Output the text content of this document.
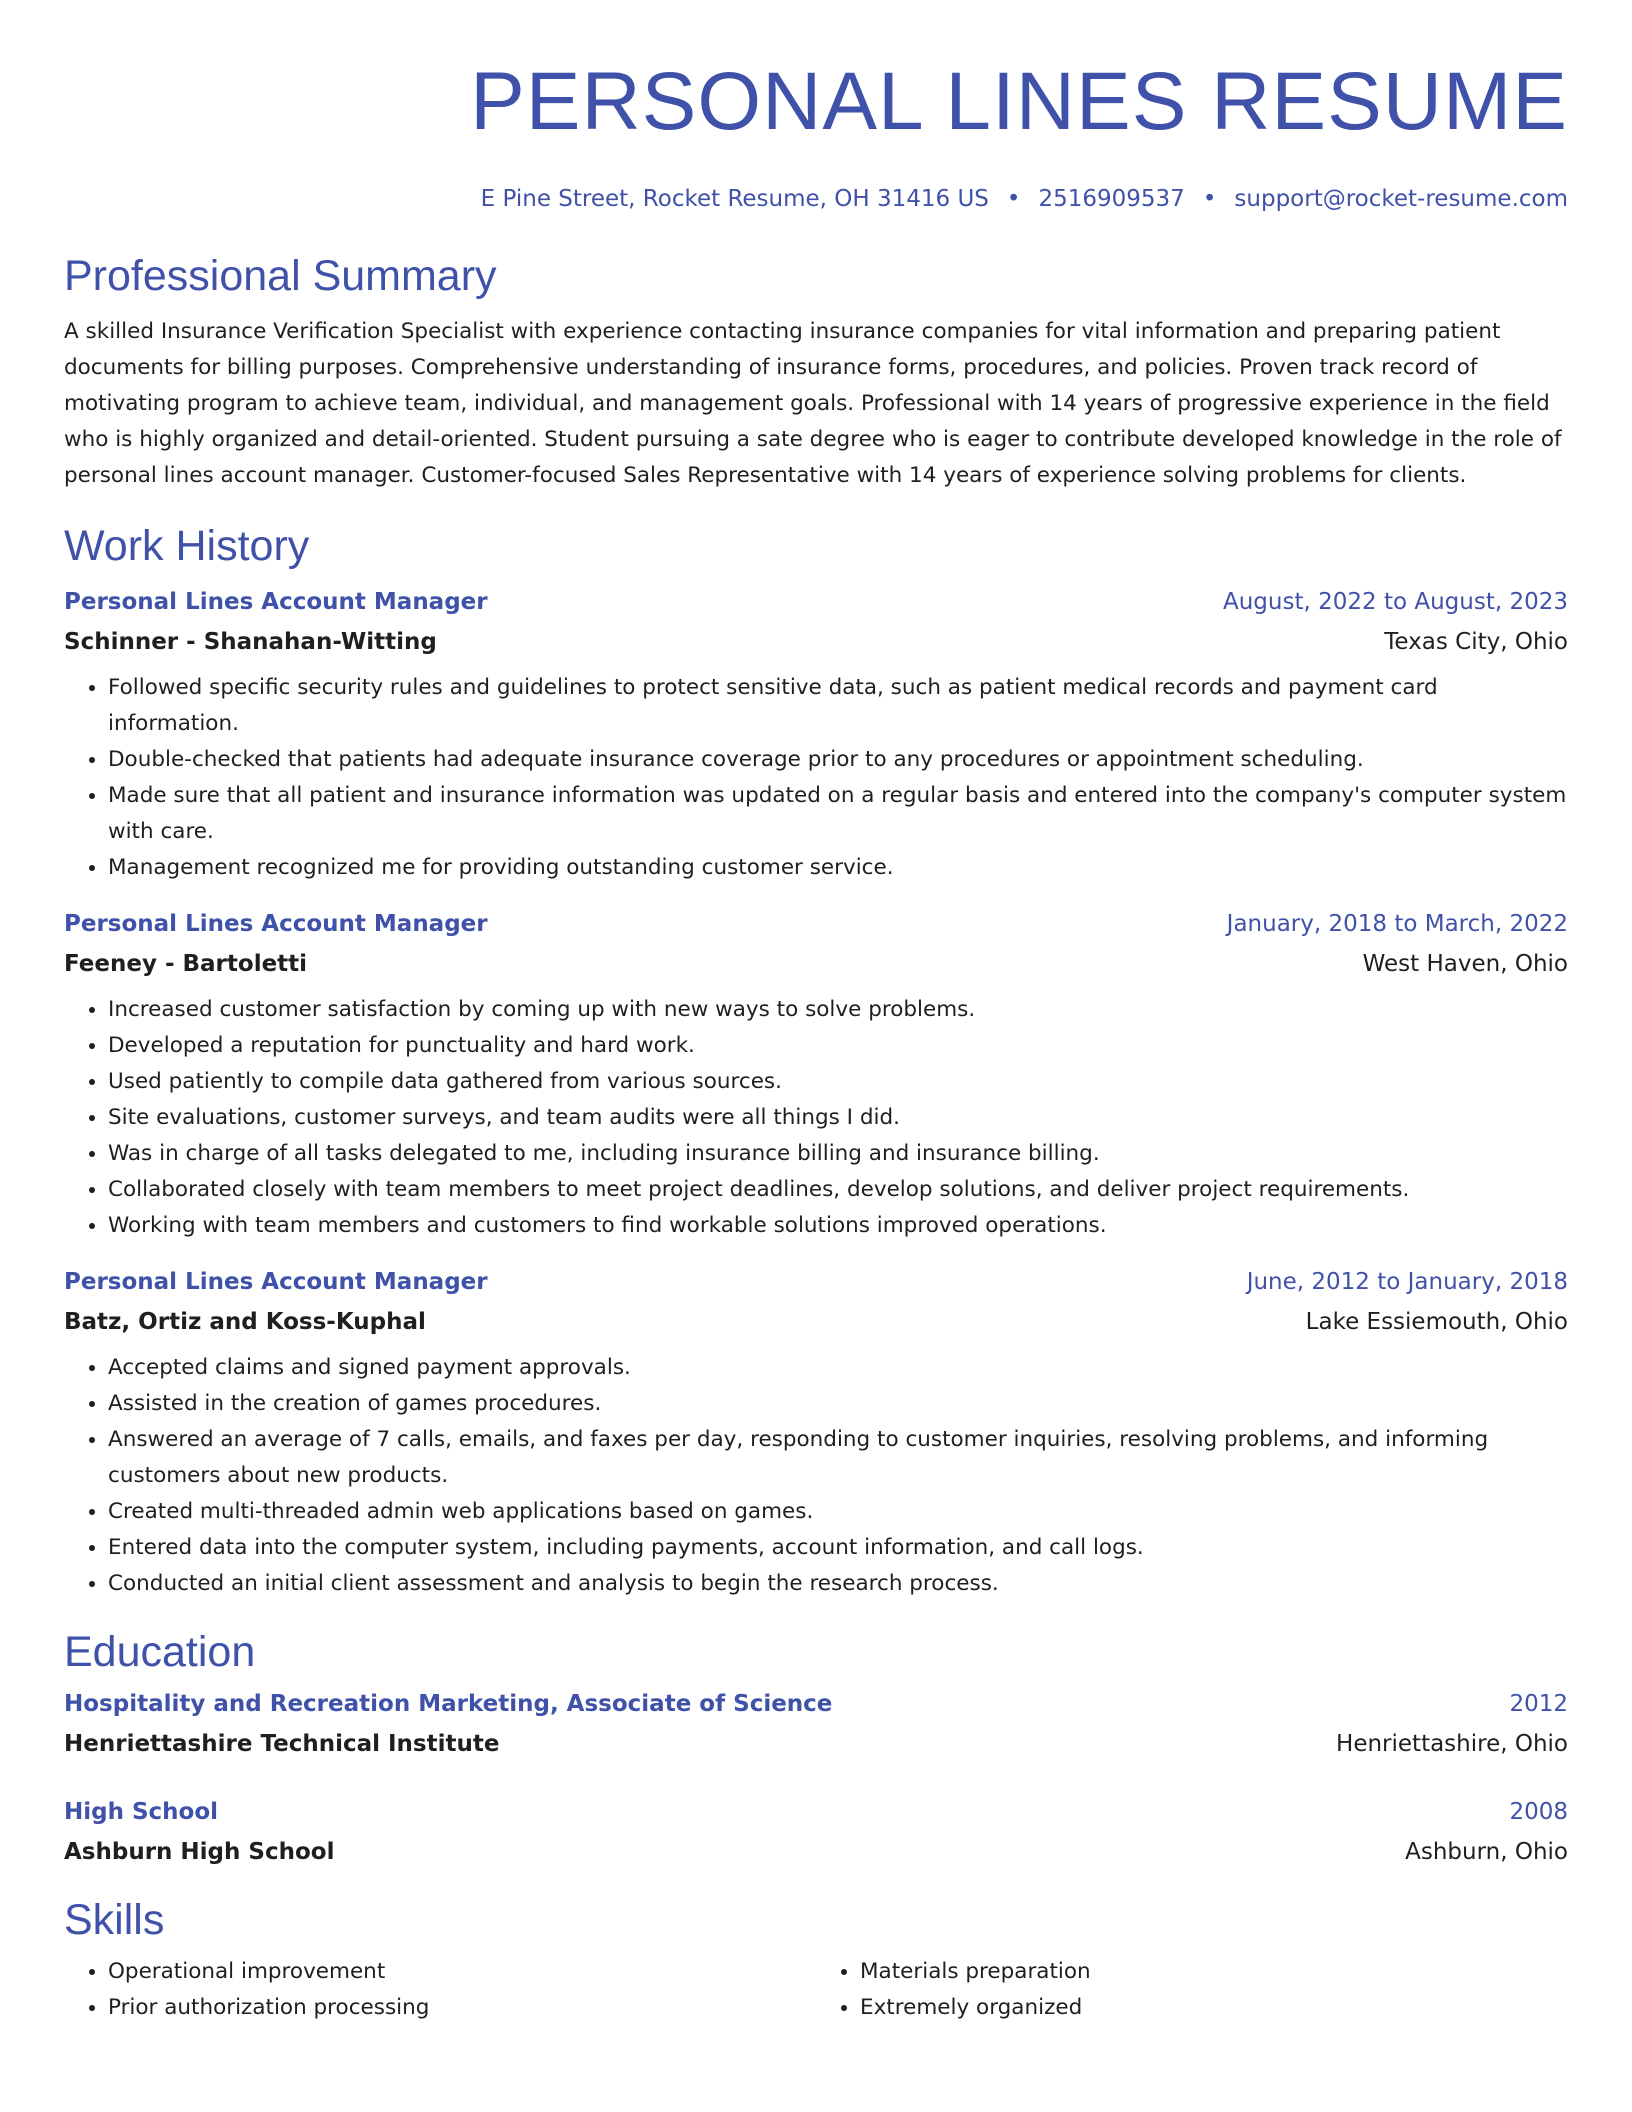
PERSONAL LINES RESUME
E Pine Street, Rocket Resume, OH 31416 US • 2516909537 • support@rocket-resume.com
Professional Summary
A skilled Insurance Verification Specialist with experience contacting insurance companies for vital information and preparing patient documents for billing purposes. Comprehensive understanding of insurance forms, procedures, and policies. Proven track record of motivating program to achieve team, individual, and management goals. Professional with 14 years of progressive experience in the field who is highly organized and detail-oriented. Student pursuing a sate degree who is eager to contribute developed knowledge in the role of personal lines account manager. Customer-focused Sales Representative with 14 years of experience solving problems for clients.
Work History
Personal Lines Account Manager	August, 2022 to August, 2023
Schinner - Shanahan-Witting	Texas City, Ohio
• Followed specific security rules and guidelines to protect sensitive data, such as patient medical records and payment card information.
• Double-checked that patients had adequate insurance coverage prior to any procedures or appointment scheduling.
• Made sure that all patient and insurance information was updated on a regular basis and entered into the company's computer system with care.
• Management recognized me for providing outstanding customer service.
Personal Lines Account Manager	January, 2018 to March, 2022
Feeney - Bartoletti	West Haven, Ohio
• Increased customer satisfaction by coming up with new ways to solve problems.
• Developed a reputation for punctuality and hard work.
• Used patiently to compile data gathered from various sources.
• Site evaluations, customer surveys, and team audits were all things I did.
• Was in charge of all tasks delegated to me, including insurance billing and insurance billing.
• Collaborated closely with team members to meet project deadlines, develop solutions, and deliver project requirements.
• Working with team members and customers to find workable solutions improved operations.
Personal Lines Account Manager	June, 2012 to January, 2018
Batz, Ortiz and Koss-Kuphal	Lake Essiemouth, Ohio
• Accepted claims and signed payment approvals.
• Assisted in the creation of games procedures.
• Answered an average of 7 calls, emails, and faxes per day, responding to customer inquiries, resolving problems, and informing customers about new products.
• Created multi-threaded admin web applications based on games.
• Entered data into the computer system, including payments, account information, and call logs.
• Conducted an initial client assessment and analysis to begin the research process.
Education
Hospitality and Recreation Marketing, Associate of Science	2012
Henriettashire Technical Institute	Henriettashire, Ohio
High School	2008
Ashburn High School	Ashburn, Ohio
Skills
• Operational improvement
• Prior authorization processing
• Materials preparation
• Extremely organized
